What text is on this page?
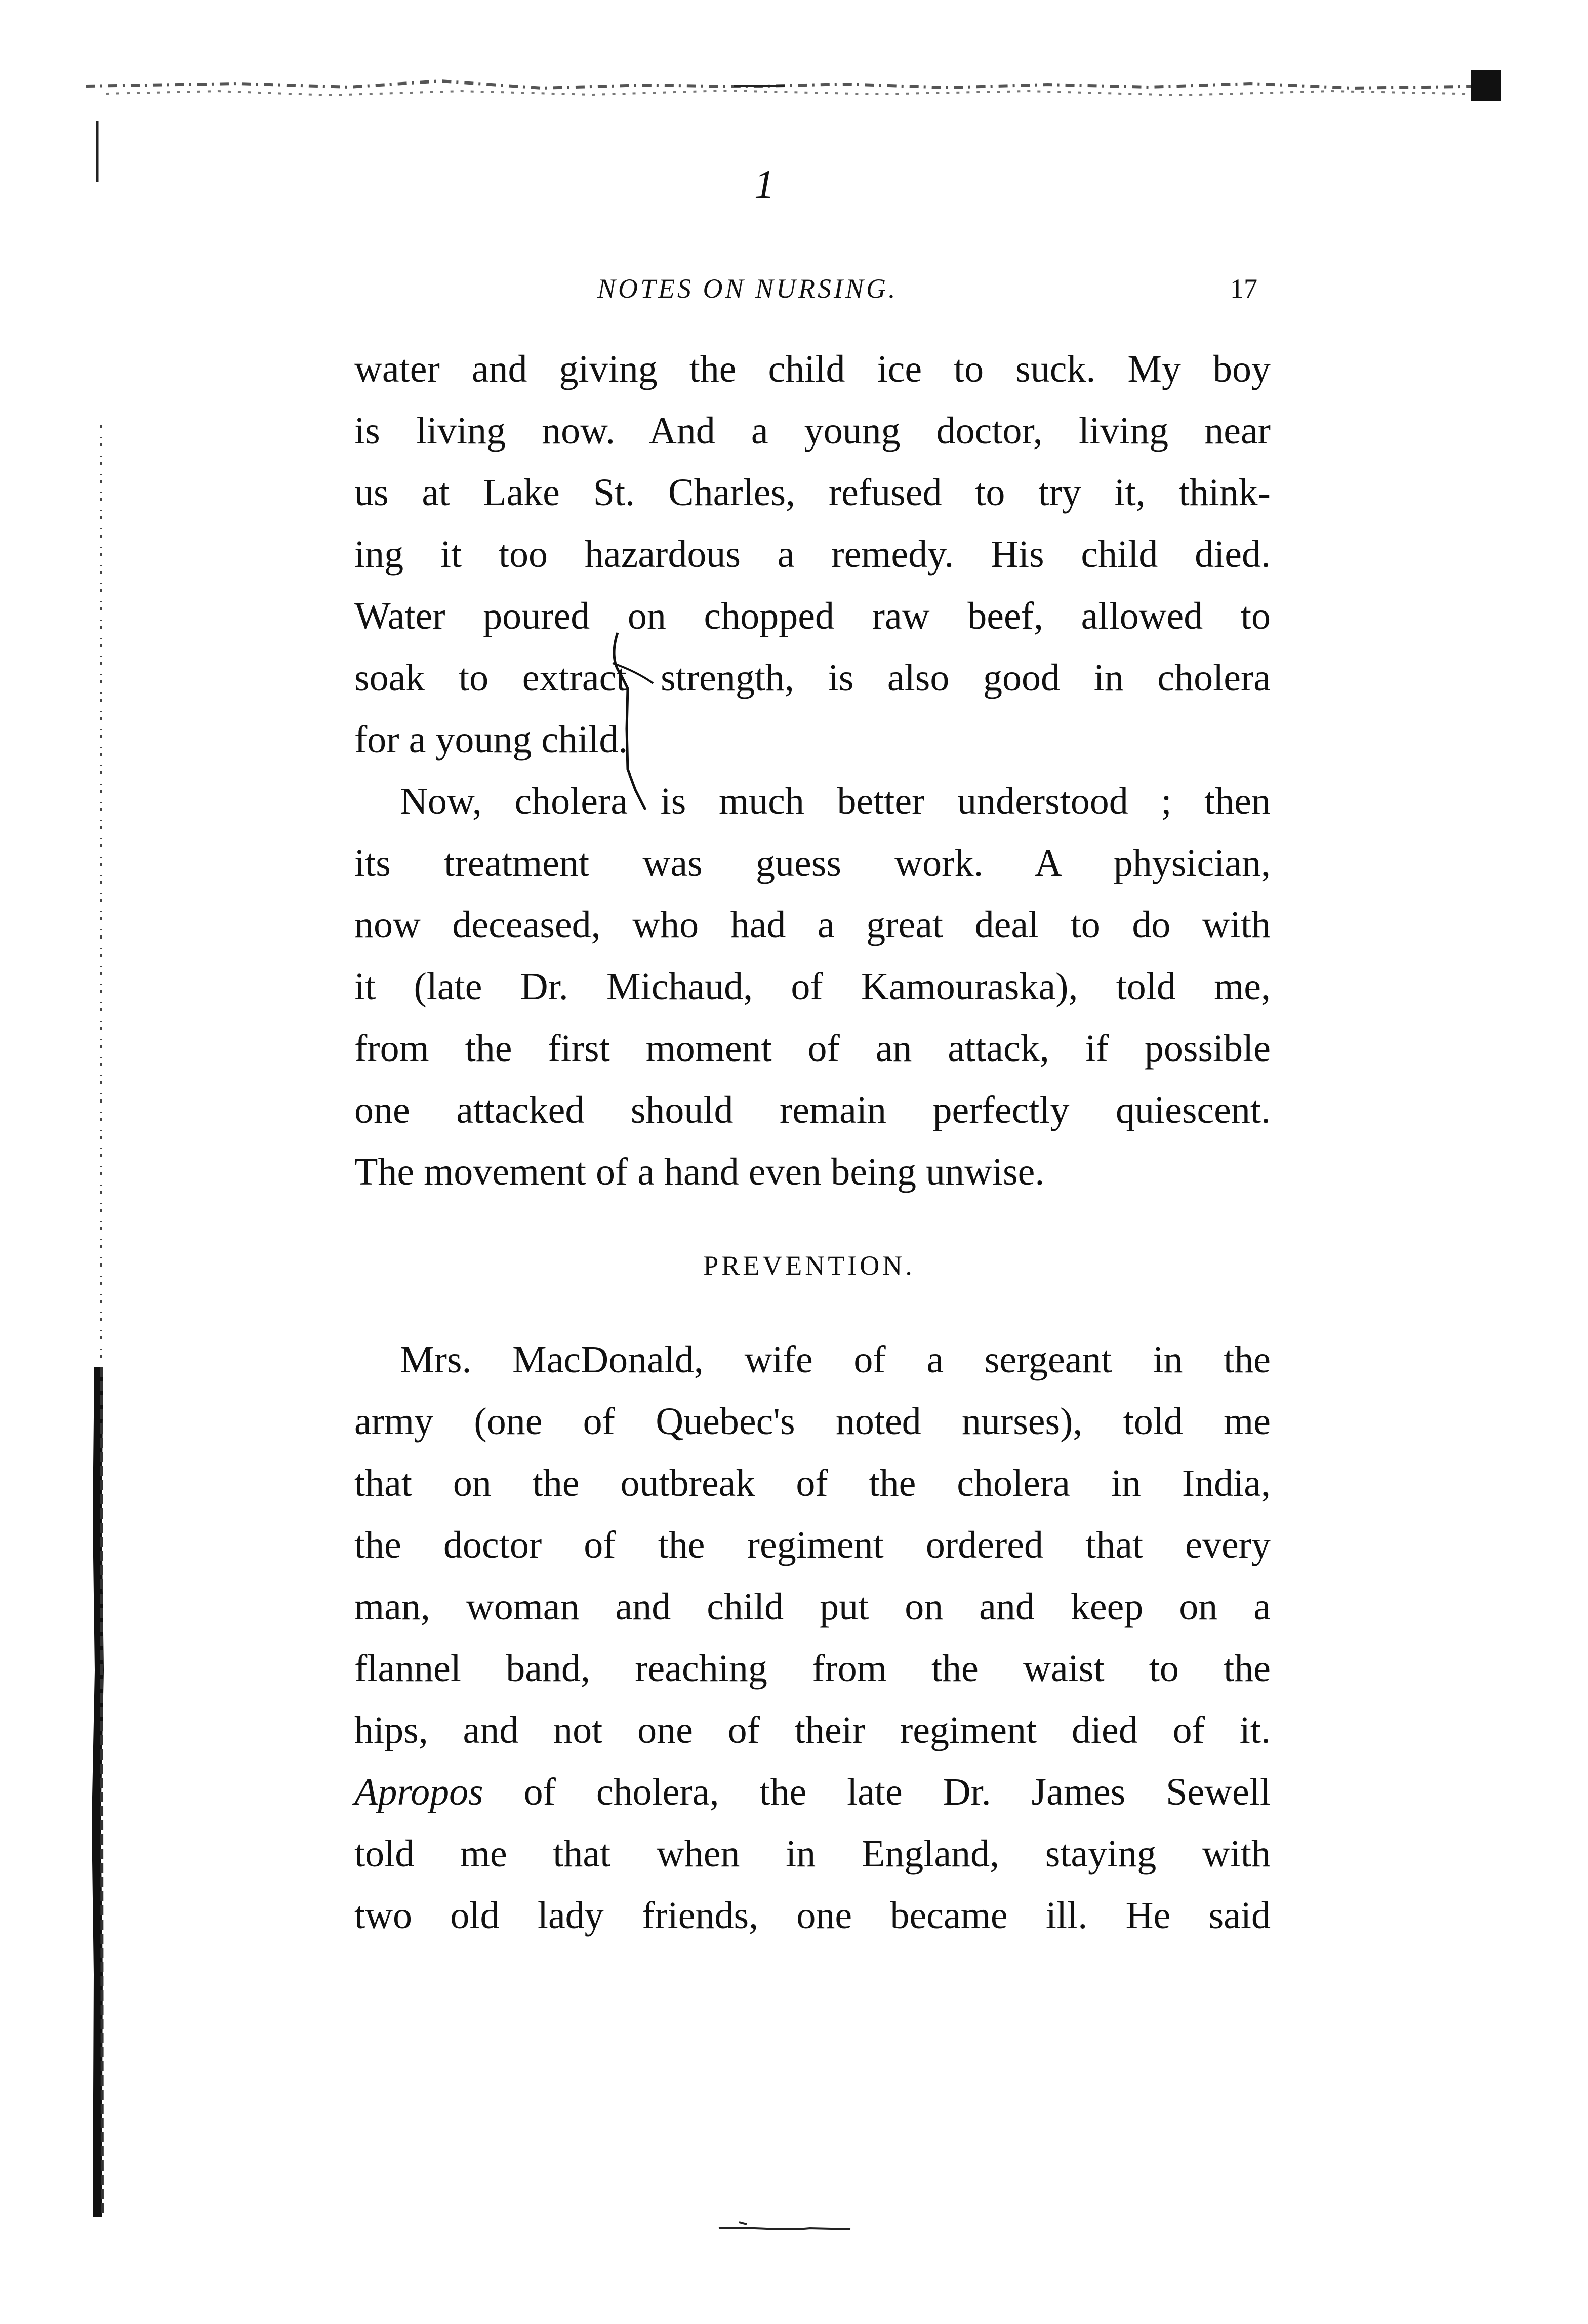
1
NOTES ON NURSING.	17
water and giving the child ice to suck. My boy
is living now. And a young doctor, living near
us at Lake St. Charles, refused to try it, think-
ing it too hazardous a remedy. His child died.
Water poured on chopped raw beef, allowed to
soak to extract strength, is also good in cholera
for a young child.
Now, cholera is much better understood ; then
its treatment was guess work. A physician,
now deceased, who had a great deal to do with
it (late Dr. Michaud, of Kamouraska), told me,
from the first moment of an attack, if possible
one attacked should remain perfectly quiescent.
The movement of a hand even being unwise.
PREVENTION.
Mrs. MacDonald, wife of a sergeant in the
army (one of Quebec's noted nurses), told me
that on the outbreak of the cholera in India,
the doctor of the regiment ordered that every
man, woman and child put on and keep on a
flannel band, reaching from the waist to the
hips, and not one of their regiment died of it.
Apropos of cholera, the late Dr. James Sewell
told me that when in England, staying with
two old lady friends, one became ill. He said
